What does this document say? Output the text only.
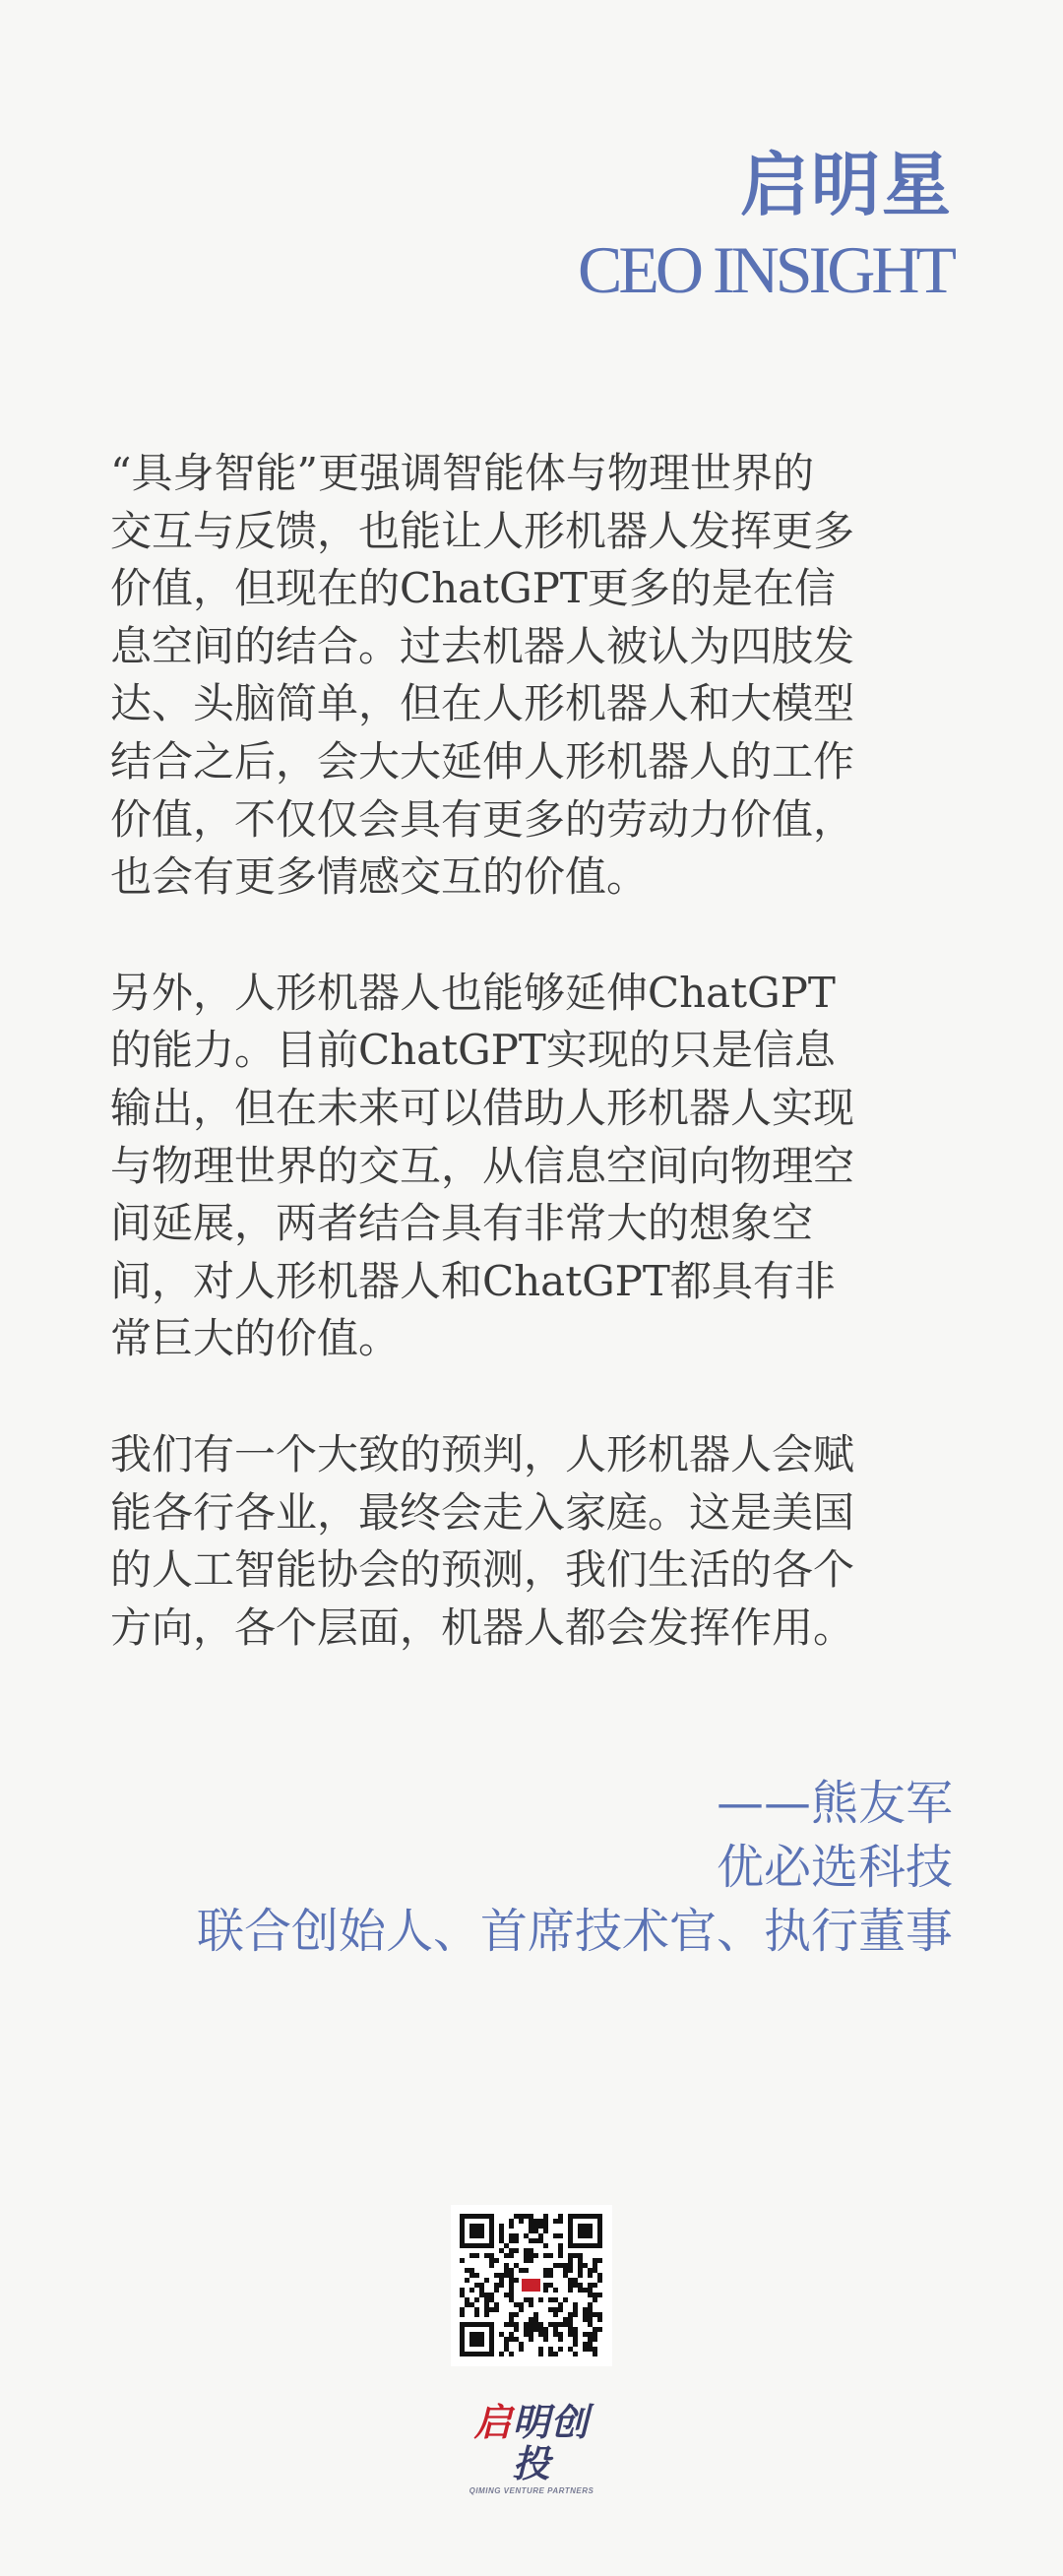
启明星
CEO INSIGHT

“具身智能”更强调智能体与物理世界的
交互与反馈，也能让人形机器人发挥更多
价值，但现在的ChatGPT更多的是在信
息空间的结合。过去机器人被认为四肢发
达、头脑简单，但在人形机器人和大模型
结合之后，会大大延伸人形机器人的工作
价值，不仅仅会具有更多的劳动力价值，
也会有更多情感交互的价值。

另外，人形机器人也能够延伸ChatGPT
的能力。目前ChatGPT实现的只是信息
输出，但在未来可以借助人形机器人实现
与物理世界的交互，从信息空间向物理空
间延展，两者结合具有非常大的想象空
间，对人形机器人和ChatGPT都具有非
常巨大的价值。

我们有一个大致的预判，人形机器人会赋
能各行各业，最终会走入家庭。这是美国
的人工智能协会的预测，我们生活的各个
方向，各个层面，机器人都会发挥作用。

——熊友军
优必选科技
联合创始人、首席技术官、执行董事
启明创投
QIMING VENTURE PARTNERS
